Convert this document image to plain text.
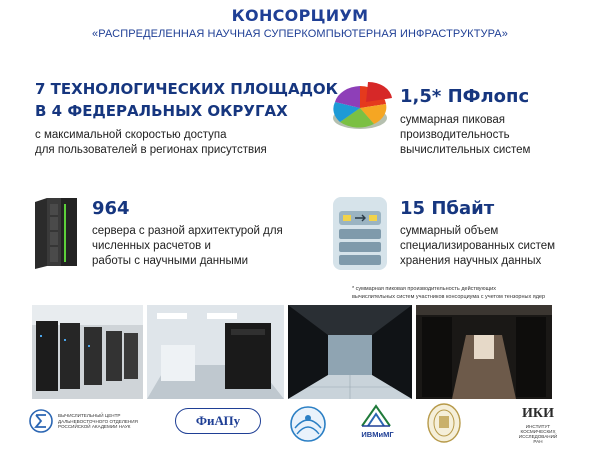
КОНСОРЦИУМ
«РАСПРЕДЕЛЕННАЯ НАУЧНАЯ СУПЕРКОМПЬЮТЕРНАЯ ИНФРАСТРУКТУРА»
7 ТЕХНОЛОГИЧЕСКИХ ПЛОЩАДОК
В 4 ФЕДЕРАЛЬНЫХ ОКРУГАХ
с максимальной скоростью доступа
для пользователей в регионах присутствия
1,5* ПФлопс
суммарная пиковая
производительность
вычислительных систем
964
сервера с разной архитектурой для
численных расчетов и
работы с научными данными
15 Пбайт
суммарный объем
специализированных систем
хранения научных данных
* суммарная пиковая производительность действующих
вычислительных систем участников консорциума с учетом тензорных ядер
ВЫЧИСЛИТЕЛЬНЫЙ ЦЕНТР
ДАЛЬНЕВОСТОЧНОГО ОТДЕЛЕНИЯ
РОССИЙСКОЙ АКАДЕМИИ НАУК	ФиАПу
ИВМиМГ
ИКИ
ИНСТИТУТ
КОСМИЧЕСКИХ
ИССЛЕДОВАНИЙ
РАН
